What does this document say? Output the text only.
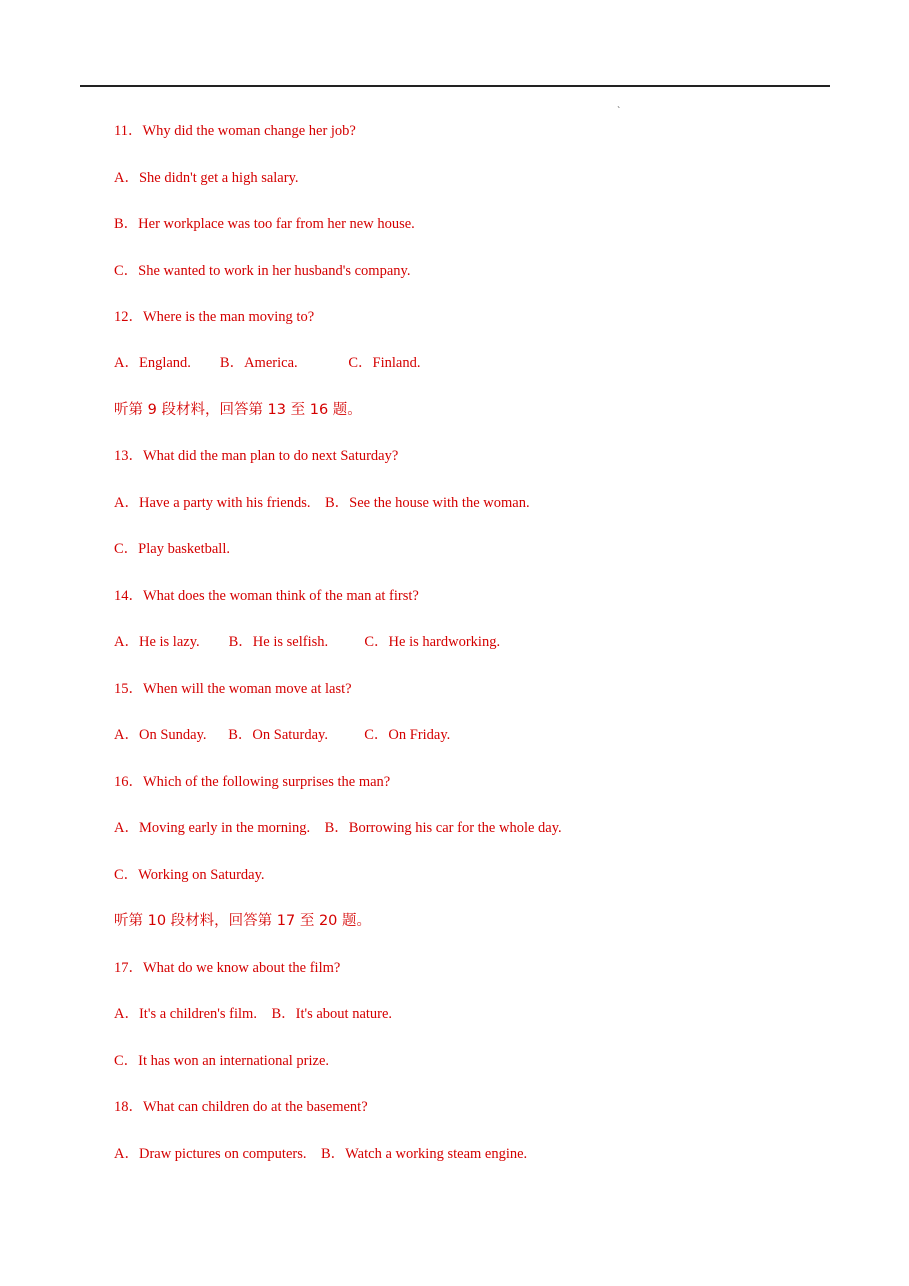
`
11．Why did the woman change her job?
A．She didn't get a high salary.
B．Her workplace was too far from her new house.
C．She wanted to work in her husband's company.
12．Where is the man moving to?
A．England.        B．America.              C．Finland.
听第 9 段材料，回答第 13 至 16 题。
13．What did the man plan to do next Saturday?
A．Have a party with his friends.    B．See the house with the woman.
C．Play basketball.
14．What does the woman think of the man at first?
A．He is lazy.        B．He is selfish.          C．He is hardworking.
15．When will the woman move at last?
A．On Sunday.      B．On Saturday.          C．On Friday.
16．Which of the following surprises the man?
A．Moving early in the morning.    B．Borrowing his car for the whole day.
C．Working on Saturday.
听第 10 段材料，回答第 17 至 20 题。
17．What do we know about the film?
A．It's a children's film.    B．It's about nature.
C．It has won an international prize.
18．What can children do at the basement?
A．Draw pictures on computers.    B．Watch a working steam engine.
